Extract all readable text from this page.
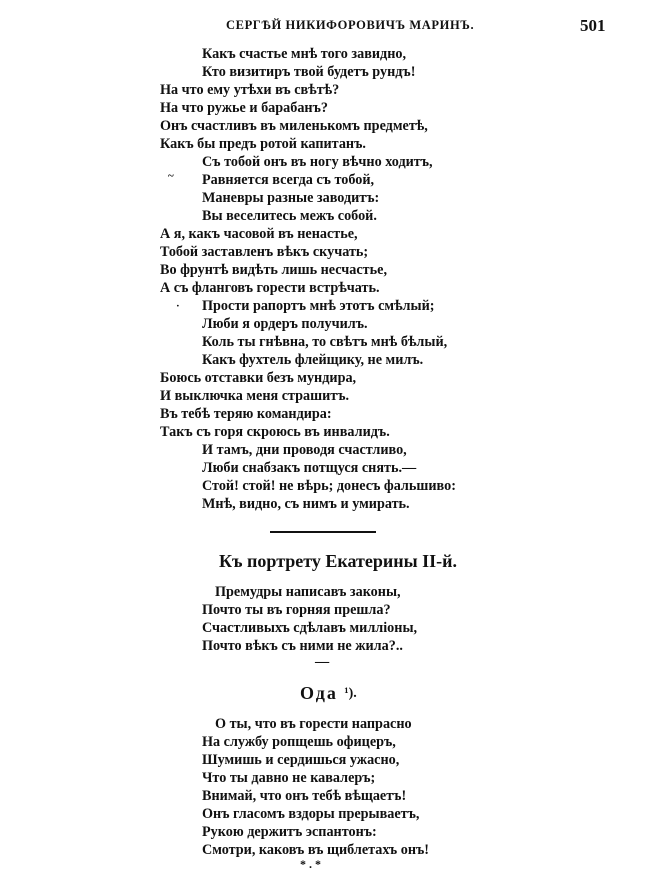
СЕРГѢЙ НИКИФОРОВИЧЪ МАРИНЪ.	501
Какъ счастье мнѣ того завидно,
Кто визитиръ твой будетъ рундъ!
На что ему утѣхи въ свѣтѣ?
На что ружье и барабанъ?
Онъ счастливъ въ миленькомъ предметѣ,
Какъ бы предъ ротой капитанъ.
Съ тобой онъ въ ногу вѣчно ходитъ,
Равняется всегда съ тобой,
Маневры разные заводитъ:
Вы веселитесь межъ собой.
А я, какъ часовой въ ненастье,
Тобой заставленъ вѣкъ скучать;
Во фрунтѣ видѣть лишь несчастье,
А съ фланговъ горести встрѣчать.
Прости рапортъ мнѣ этотъ смѣлый;
Люби я ордеръ получилъ.
Коль ты гнѣвна, то свѣтъ мнѣ бѣлый,
Какъ фухтель флейщику, не милъ.
Боюсь отставки безъ мундира,
И выключка меня страшитъ.
Въ тебѣ теряю командира:
Такъ съ горя скроюсь въ инвалидъ.
И тамъ, дни проводя счастливо,
Люби снабзакъ потщуся снять.—
Стой! стой! не вѣрь; донесъ фальшиво:
Мнѣ, видно, съ нимъ и умирать.
~
·
Къ портрету Екатерины II-й.
Премудры написавъ законы,
Почто ты въ горняя прешла?
Счастливыхъ сдѣлавъ милліоны,
Почто вѣкъ съ ними не жила?..
—
Ода ¹).
О ты, что въ горести напрасно
На службу ропщешь офицеръ,
Шумишь и сердишься ужасно,
Что ты давно не кавалеръ;
Внимай, что онъ тебѣ вѣщаетъ!
Онъ гласомъ вздоры прерываетъ,
Рукою держитъ эспантонъ:
Смотри, каковъ въ щиблетахъ онъ!
* . *
